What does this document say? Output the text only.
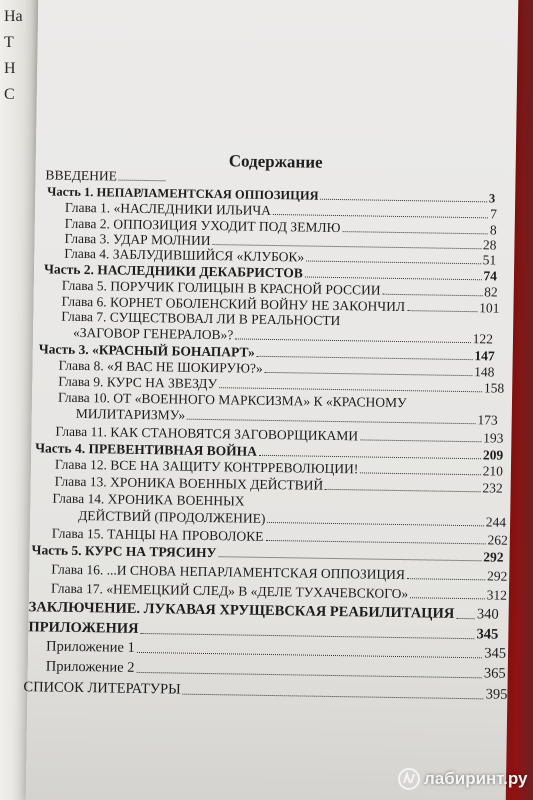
Ha
T
H
C
Содержание
ВВЕДЕНИЕ
Часть 1. НЕПАРЛАМЕНТСКАЯ ОППОЗИЦИЯ	3
Глава 1. «НАСЛЕДНИКИ ИЛЬИЧА	7
Глава 2. ОППОЗИЦИЯ УХОДИТ ПОД ЗЕМЛЮ	8
Глава 3. УДАР МОЛНИИ	28
Глава 4. ЗАБЛУДИВШИЙСЯ «КЛУБОК»	51
Часть 2. НАСЛЕДНИКИ ДЕКАБРИСТОВ	74
Глава 5. ПОРУЧИК ГОЛИЦЫН В КРАСНОЙ РОССИИ	82
Глава 6. КОРНЕТ ОБОЛЕНСКИЙ ВОЙНУ НЕ ЗАКОНЧИЛ	101
Глава 7. СУЩЕСТВОВАЛ ЛИ В РЕАЛЬНОСТИ
«ЗАГОВОР ГЕНЕРАЛОВ»?	122
Часть 3. «КРАСНЫЙ БОНАПАРТ»	147
Глава 8. «Я ВАС НЕ ШОКИРУЮ?»	148
Глава 9. КУРС НА ЗВЕЗДУ	158
Глава 10. ОТ «ВОЕННОГО МАРКСИЗМА» К «КРАСНОМУ
МИЛИТАРИЗМУ»	173
Глава 11. КАК СТАНОВЯТСЯ ЗАГОВОРЩИКАМИ	193
Часть 4. ПРЕВЕНТИВНАЯ ВОЙНА	209
Глава 12. ВСЕ НА ЗАЩИТУ КОНТРРЕВОЛЮЦИИ!	210
Глава 13. ХРОНИКА ВОЕННЫХ ДЕЙСТВИЙ	232
Глава 14. ХРОНИКА ВОЕННЫХ
ДЕЙСТВИЙ (ПРОДОЛЖЕНИЕ)	244
Глава 15. ТАНЦЫ НА ПРОВОЛОКЕ	262
Часть 5. КУРС НА ТРЯСИНУ	292
Глава 16. ...И СНОВА НЕПАРЛАМЕНТСКАЯ ОППОЗИЦИЯ	292
Глава 17. «НЕМЕЦКИЙ СЛЕД» В «ДЕЛЕ ТУХАЧЕВСКОГО»	312
ЗАКЛЮЧЕНИЕ. ЛУКАВАЯ ХРУЩЕВСКАЯ РЕАБИЛИТАЦИЯ 340
ПРИЛОЖЕНИЯ	345
Приложение 1	345
Приложение 2	365
СПИСОК ЛИТЕРАТУРЫ	395
лабиринт.ру
